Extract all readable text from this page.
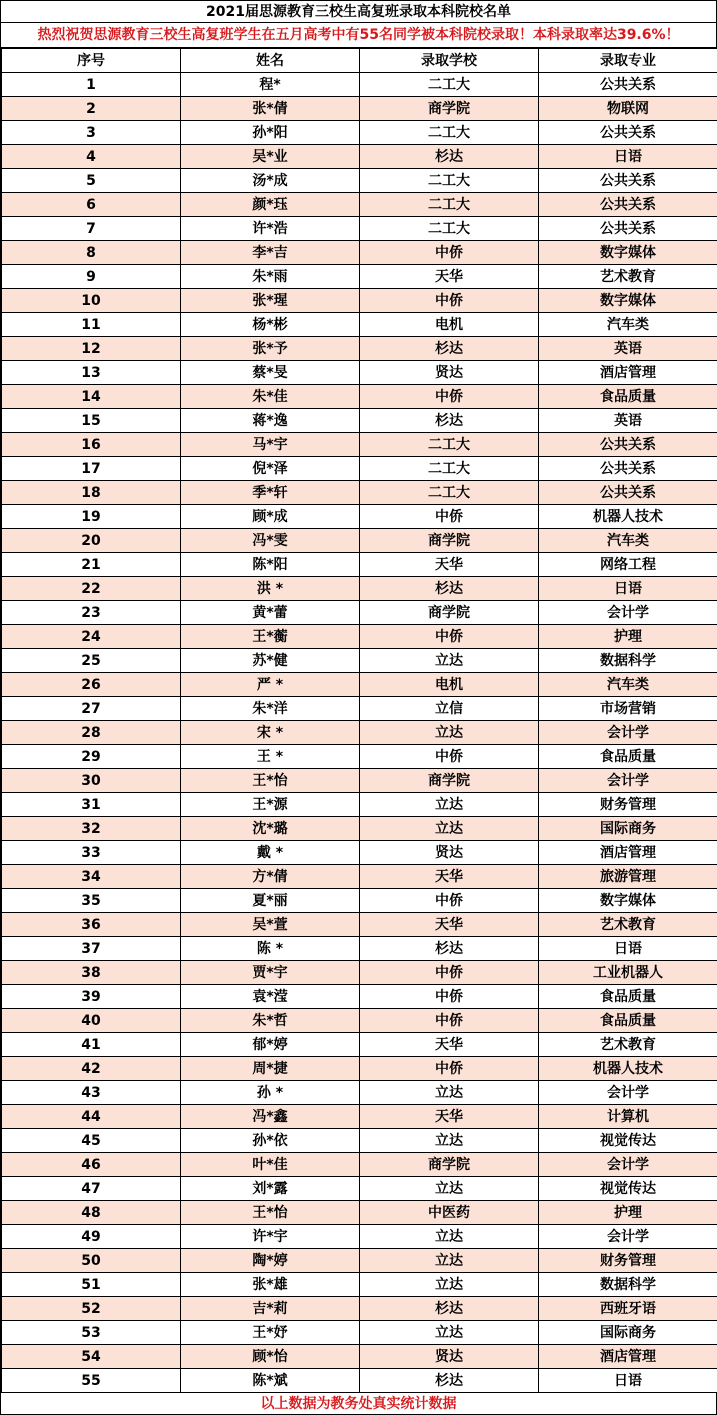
2021届思源教育三校生高复班录取本科院校名单
热烈祝贺思源教育三校生高复班学生在五月高考中有55名同学被本科院校录取！本科录取率达39.6%！
序号	姓名	录取学校	录取专业
1	程*	二工大	公共关系
2	张*倩	商学院	物联网
3	孙*阳	二工大	公共关系
4	吴*业	杉达	日语
5	汤*成	二工大	公共关系
6	颜*珏	二工大	公共关系
7	许*浩	二工大	公共关系
8	李*吉	中侨	数字媒体
9	朱*雨	天华	艺术教育
10	张*瑆	中侨	数字媒体
11	杨*彬	电机	汽车类
12	张*予	杉达	英语
13	蔡*旻	贤达	酒店管理
14	朱*佳	中侨	食品质量
15	蒋*逸	杉达	英语
16	马*宇	二工大	公共关系
17	倪*泽	二工大	公共关系
18	季*轩	二工大	公共关系
19	顾*成	中侨	机器人技术
20	冯*雯	商学院	汽车类
21	陈*阳	天华	网络工程
22	洪 *	杉达	日语
23	黄*蕾	商学院	会计学
24	王*蘅	中侨	护理
25	苏*健	立达	数据科学
26	严 *	电机	汽车类
27	朱*洋	立信	市场营销
28	宋 *	立达	会计学
29	王 *	中侨	食品质量
30	王*怡	商学院	会计学
31	王*源	立达	财务管理
32	沈*璐	立达	国际商务
33	戴 *	贤达	酒店管理
34	方*倩	天华	旅游管理
35	夏*丽	中侨	数字媒体
36	吴*萱	天华	艺术教育
37	陈 *	杉达	日语
38	贾*宇	中侨	工业机器人
39	袁*滢	中侨	食品质量
40	朱*哲	中侨	食品质量
41	郁*婷	天华	艺术教育
42	周*捷	中侨	机器人技术
43	孙 *	立达	会计学
44	冯*鑫	天华	计算机
45	孙*依	立达	视觉传达
46	叶*佳	商学院	会计学
47	刘*露	立达	视觉传达
48	王*怡	中医药	护理
49	许*宇	立达	会计学
50	陶*婷	立达	财务管理
51	张*雄	立达	数据科学
52	吉*莉	杉达	西班牙语
53	王*妤	立达	国际商务
54	顾*怡	贤达	酒店管理
55	陈*斌	杉达	日语
以上数据为教务处真实统计数据
